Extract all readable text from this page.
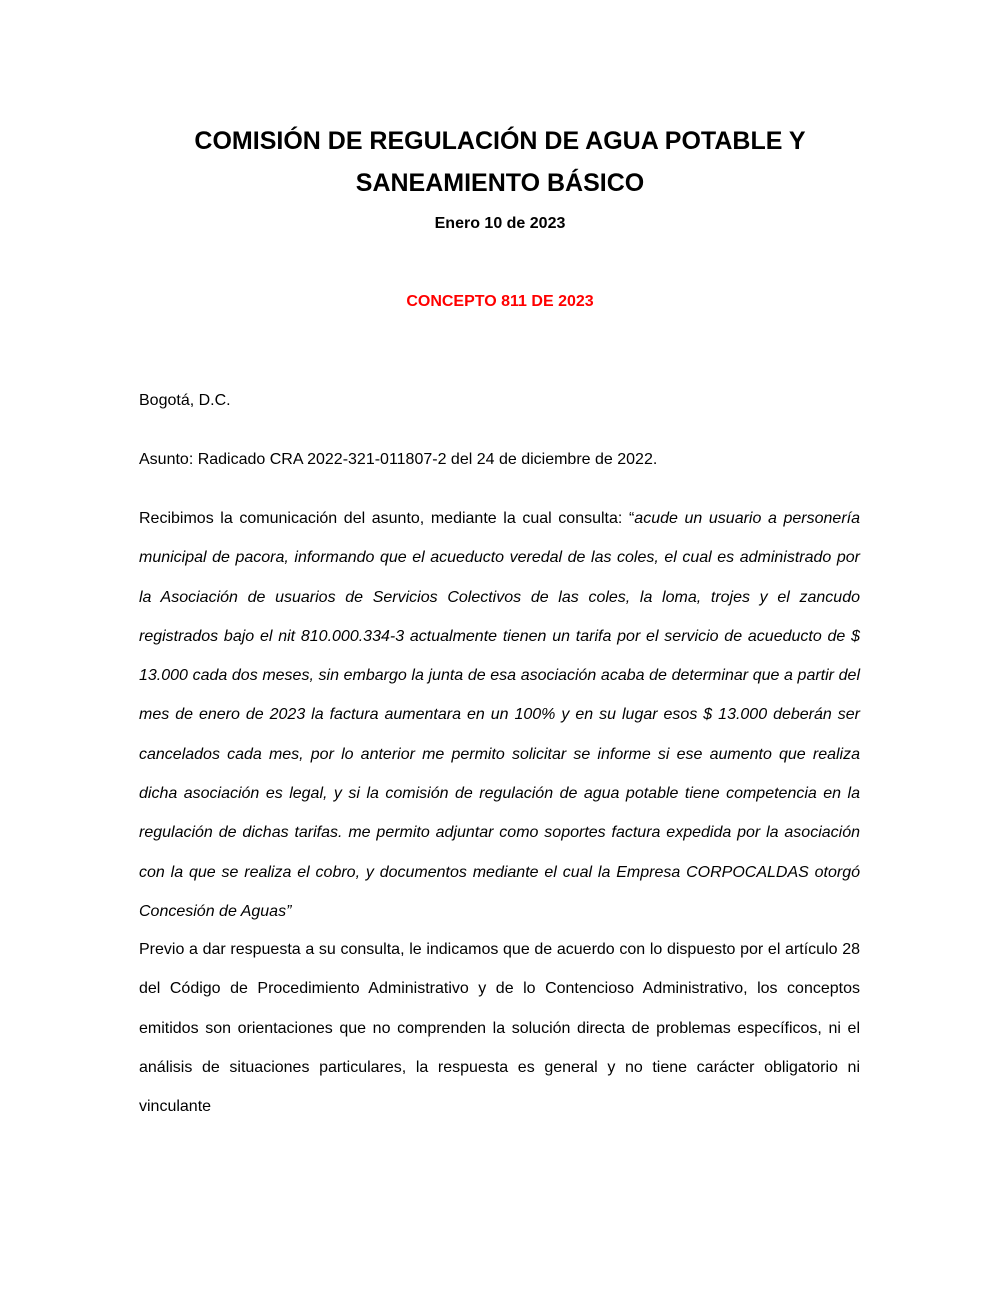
COMISIÓN DE REGULACIÓN DE AGUA POTABLE Y SANEAMIENTO BÁSICO

Enero 10 de 2023

CONCEPTO 811 DE 2023

Bogotá, D.C.

Asunto: Radicado CRA 2022-321-011807-2 del 24 de diciembre de 2022.

Recibimos la comunicación del asunto, mediante la cual consulta: “acude un usuario a personería municipal de pacora, informando que el acueducto veredal de las coles, el cual es administrado por la Asociación de usuarios de Servicios Colectivos de las coles, la loma, trojes y el zancudo registrados bajo el nit 810.000.334-3 actualmente tienen un tarifa por el servicio de acueducto de $ 13.000 cada dos meses, sin embargo la junta de esa asociación acaba de determinar que a partir del mes de enero de 2023 la factura aumentara en un 100% y en su lugar esos $ 13.000 deberán ser cancelados cada mes, por lo anterior me permito solicitar se informe si ese aumento que realiza dicha asociación es legal, y si la comisión de regulación de agua potable tiene competencia en la regulación de dichas tarifas. me permito adjuntar como soportes factura expedida por la asociación con la que se realiza el cobro, y documentos mediante el cual la Empresa CORPOCALDAS otorgó Concesión de Aguas”

Previo a dar respuesta a su consulta, le indicamos que de acuerdo con lo dispuesto por el artículo 28 del Código de Procedimiento Administrativo y de lo Contencioso Administrativo, los conceptos emitidos son orientaciones que no comprenden la solución directa de problemas específicos, ni el análisis de situaciones particulares, la respuesta es general y no tiene carácter obligatorio ni vinculante
